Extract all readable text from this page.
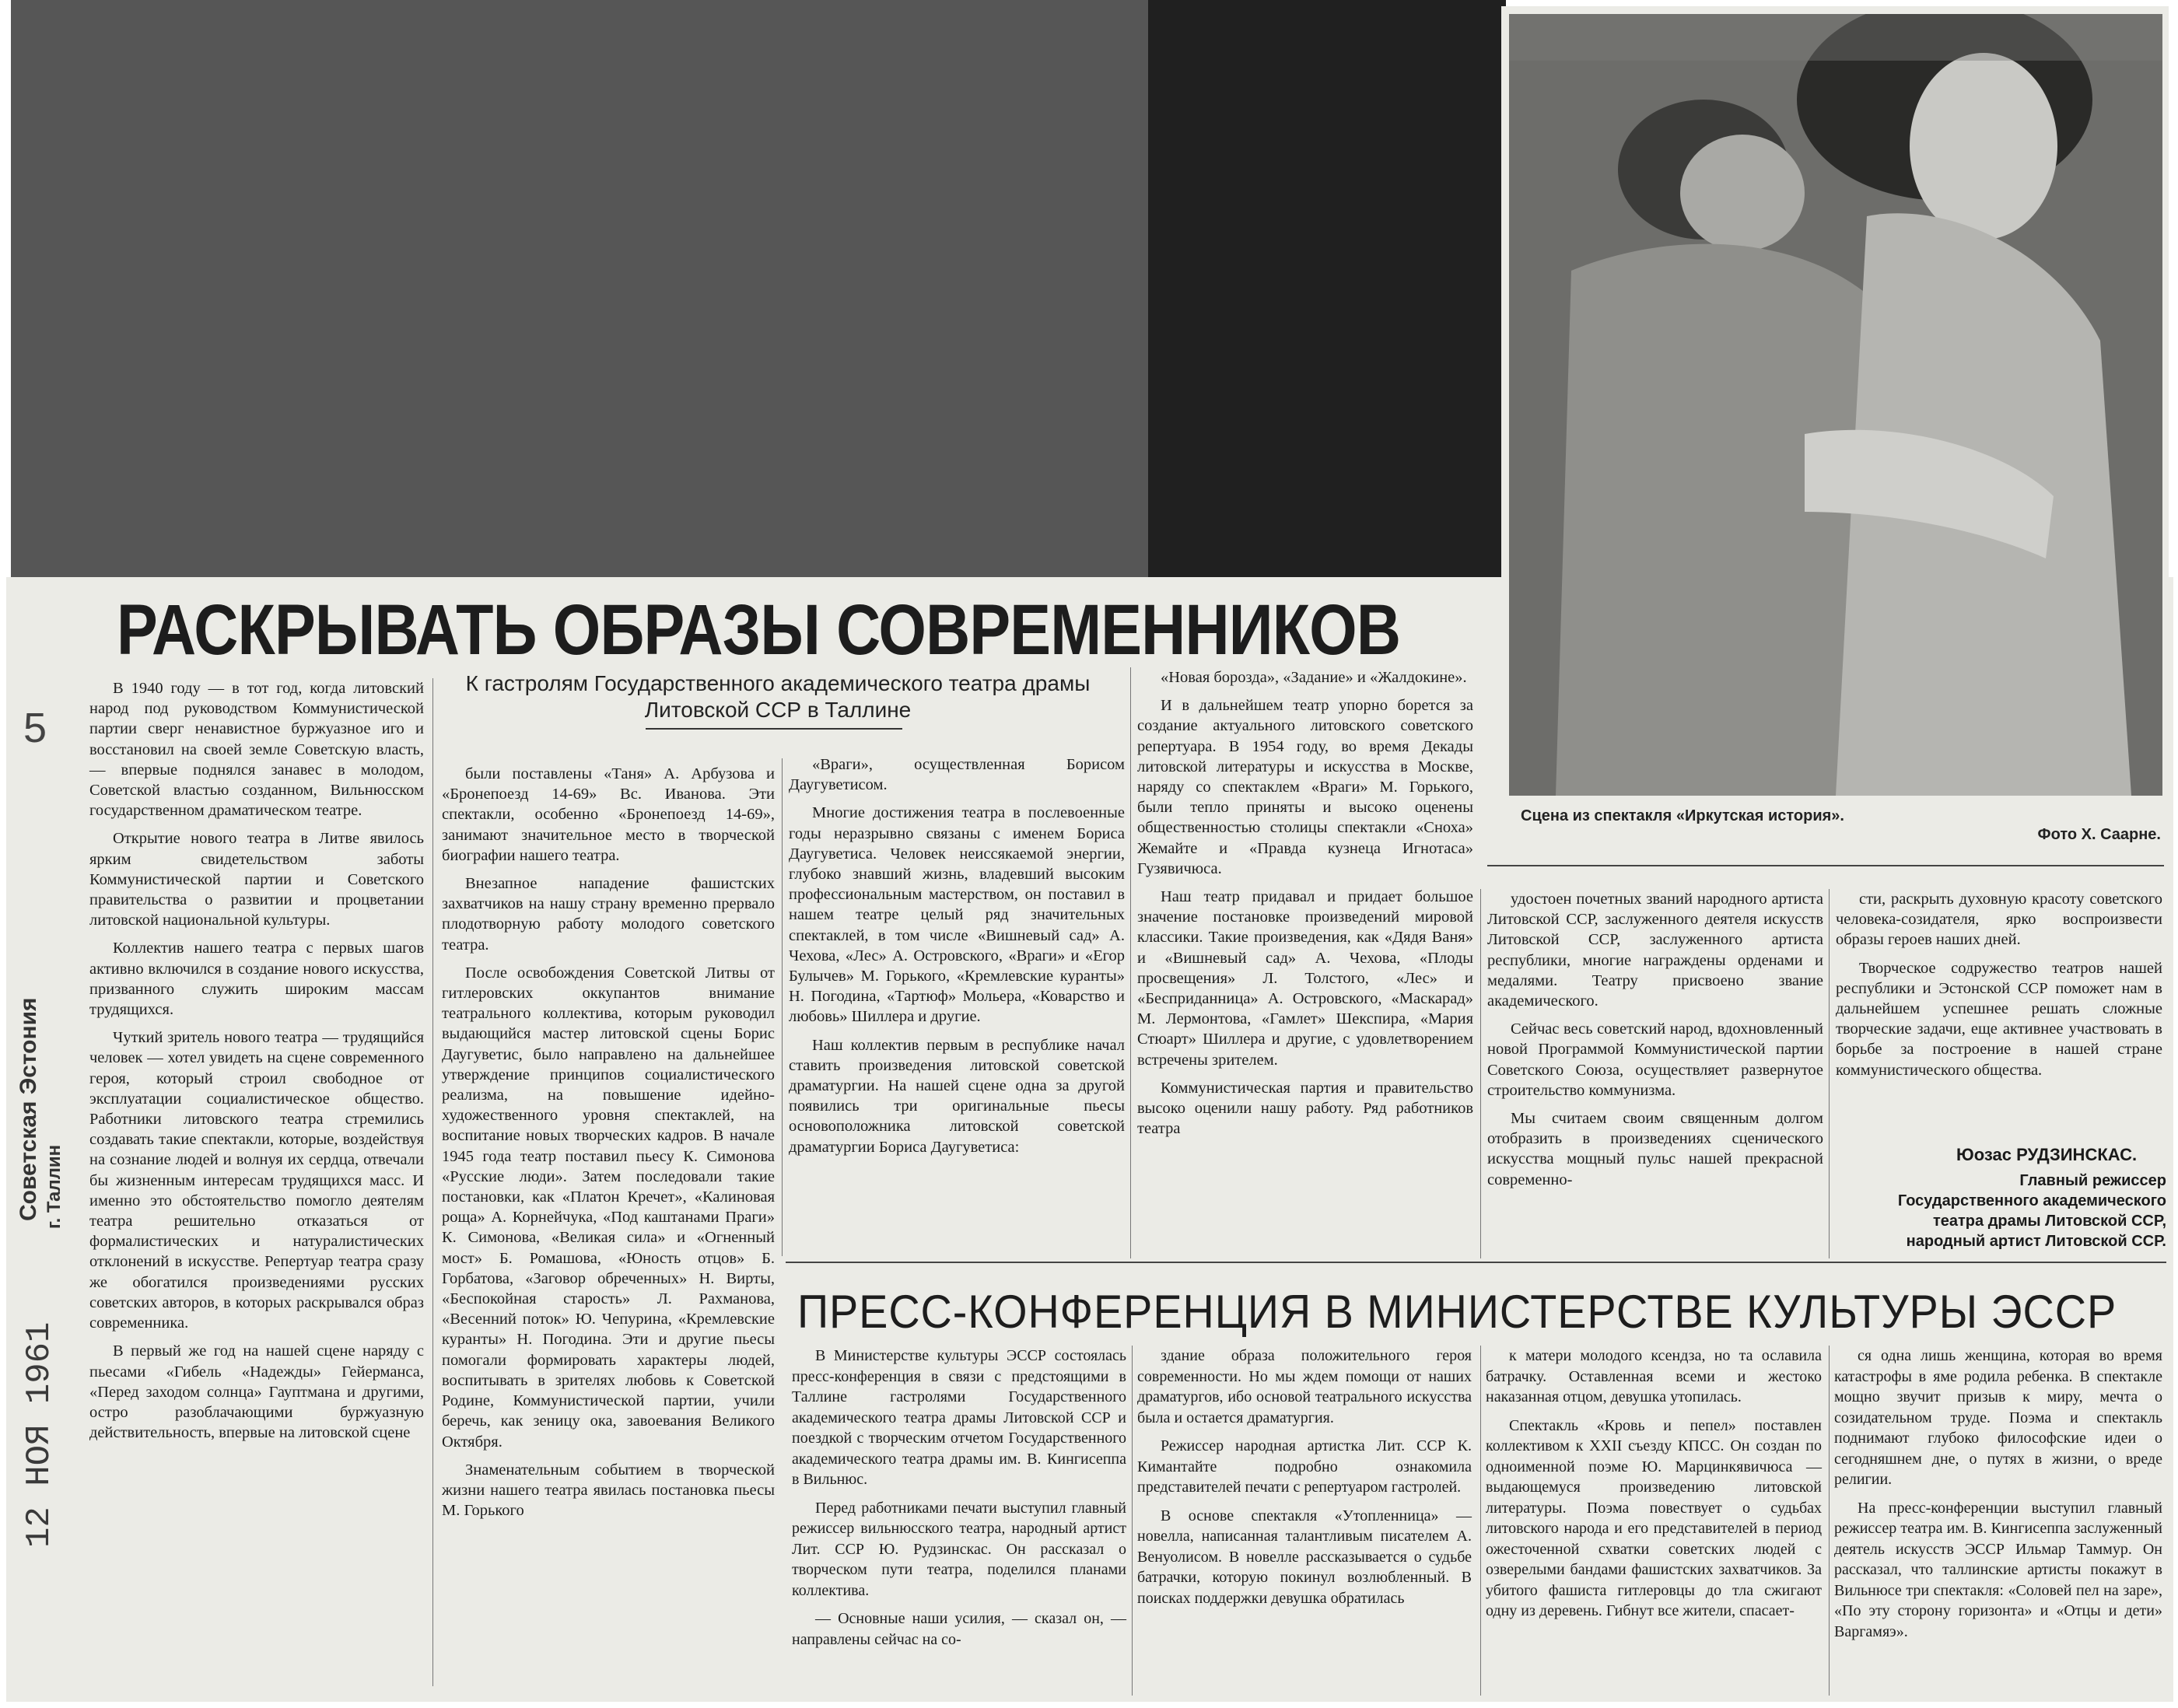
Сцена из спектакля «Иркутская история».
Фото Х. Саарне.
5
Советская Эстония г. Таллин
12 НОЯ 1961
РАСКРЫВАТЬ ОБРАЗЫ СОВРЕМЕННИКОВ
К гастролям Государственного академического театра драмы Литовской ССР в Таллине

В 1940 году — в тот год, когда литовский народ под руководством Коммунистической партии сверг ненавистное буржуазное иго и восстановил на своей земле Советскую власть, — впервые поднялся занавес в молодом, Советской властью созданном, Вильнюсском государственном драматическом театре.

Открытие нового театра в Литве явилось ярким свидетельством заботы Коммунистической партии и Советского правительства о развитии и процветании литовской национальной культуры.

Коллектив нашего театра с первых шагов активно включился в создание нового искусства, призванного служить широким массам трудящихся.

Чуткий зритель нового театра — трудящийся человек — хотел увидеть на сцене современного героя, который строил свободное от эксплуатации социалистическое общество. Работники литовского театра стремились создавать такие спектакли, которые, воздействуя на сознание людей и волнуя их сердца, отвечали бы жизненным интересам трудящихся масс. И именно это обстоятельство помогло деятелям театра решительно отказаться от формалистических и натуралистических отклонений в искусстве. Репертуар театра сразу же обогатился произведениями русских советских авторов, в которых раскрывался образ современника.

В первый же год на нашей сцене наряду с пьесами «Гибель «Надежды» Гейерманса, «Перед заходом солнца» Гауптмана и другими, остро разоблачающими буржуазную действительность, впервые на литовской сцене

были поставлены «Таня» А. Арбузова и «Бронепоезд 14-69» Вс. Иванова. Эти спектакли, особенно «Бронепоезд 14-69», занимают значительное место в творческой биографии нашего театра.

Внезапное нападение фашистских захватчиков на нашу страну временно прервало плодотворную работу молодого советского театра.

После освобождения Советской Литвы от гитлеровских оккупантов внимание театрального коллектива, которым руководил выдающийся мастер литовской сцены Борис Даугуветис, было направлено на дальнейшее утверждение принципов социалистического реализма, на повышение идейно-художественного уровня спектаклей, на воспитание новых творческих кадров. В начале 1945 года театр поставил пьесу К. Симонова «Русские люди». Затем последовали такие постановки, как «Платон Кречет», «Калиновая роща» А. Корнейчука, «Под каштанами Праги» К. Симонова, «Великая сила» и «Огненный мост» Б. Ромашова, «Юность отцов» Б. Горбатова, «Заговор обреченных» Н. Вирты, «Беспокойная старость» Л. Рахманова, «Весенний поток» Ю. Чепурина, «Кремлевские куранты» Н. Погодина. Эти и другие пьесы помогали формировать характеры людей, воспитывать в зрителях любовь к Советской Родине, Коммунистической партии, учили беречь, как зеницу ока, завоевания Великого Октября.

Знаменательным событием в творческой жизни нашего театра явилась постановка пьесы М. Горького

«Враги», осуществленная Борисом Даугуветисом.

Многие достижения театра в послевоенные годы неразрывно связаны с именем Бориса Даугуветиса. Человек неиссякаемой энергии, глубоко знавший жизнь, владевший высоким профессиональным мастерством, он поставил в нашем театре целый ряд значительных спектаклей, в том числе «Вишневый сад» А. Чехова, «Лес» А. Островского, «Враги» и «Егор Булычев» М. Горького, «Кремлевские куранты» Н. Погодина, «Тартюф» Мольера, «Коварство и любовь» Шиллера и другие.

Наш коллектив первым в республике начал ставить произведения литовской советской драматургии. На нашей сцене одна за другой появились три оригинальные пьесы основоположника литовской советской драматургии Бориса Даугуветиса:

«Новая борозда», «Задание» и «Жалдокине».

И в дальнейшем театр упорно борется за создание актуального литовского советского репертуара. В 1954 году, во время Декады литовской литературы и искусства в Москве, наряду со спектаклем «Враги» М. Горького, были тепло приняты и высоко оценены общественностью столицы спектакли «Сноха» Жемайте и «Правда кузнеца Игнотаса» Гузявичюса.

Наш театр придавал и придает большое значение постановке произведений мировой классики. Такие произведения, как «Дядя Ваня» и «Вишневый сад» А. Чехова, «Плоды просвещения» Л. Толстого, «Лес» и «Бесприданница» А. Островского, «Маскарад» М. Лермонтова, «Гамлет» Шекспира, «Мария Стюарт» Шиллера и другие, с удовлетворением встречены зрителем.

Коммунистическая партия и правительство высоко оценили нашу работу. Ряд работников театра

удостоен почетных званий народного артиста Литовской ССР, заслуженного деятеля искусств Литовской ССР, заслуженного артиста республики, многие награждены орденами и медалями. Театру присвоено звание академического.

Сейчас весь советский народ, вдохновленный новой Программой Коммунистической партии Советского Союза, осуществляет развернутое строительство коммунизма.

Мы считаем своим священным долгом отобразить в произведениях сценического искусства мощный пульс нашей прекрасной современно-

сти, раскрыть духовную красоту советского человека-созидателя, ярко воспроизвести образы героев наших дней.

Творческое содружество театров нашей республики и Эстонской ССР поможет нам в дальнейшем успешнее решать сложные творческие задачи, еще активнее участвовать в борьбе за построение в нашей стране коммунистического общества.

Юозас РУДЗИНСКАС.
Главный режиссер Государственного академического театра драмы Литовской ССР, народный артист Литовской ССР.
ПРЕСС-КОНФЕРЕНЦИЯ В МИНИСТЕРСТВЕ КУЛЬТУРЫ ЭССР

В Министерстве культуры ЭССР состоялась пресс-конференция в связи с предстоящими в Таллине гастролями Государственного академического театра драмы Литовской ССР и поездкой с творческим отчетом Государственного академического театра драмы им. В. Кингисеппа в Вильнюс.

Перед работниками печати выступил главный режиссер вильнюсского театра, народный артист Лит. ССР Ю. Рудзинскас. Он рассказал о творческом пути театра, поделился планами коллектива.

— Основные наши усилия, — сказал он, — направлены сейчас на со-

здание образа положительного героя современности. Но мы ждем помощи от наших драматургов, ибо основой театрального искусства была и остается драматургия.

Режиссер народная артистка Лит. ССР К. Кимантайте подробно ознакомила представителей печати с репертуаром гастролей.

В основе спектакля «Утопленница» — новелла, написанная талантливым писателем А. Венуолисом. В новелле рассказывается о судьбе батрачки, которую покинул возлюбленный. В поисках поддержки девушка обратилась

к матери молодого ксендза, но та ославила батрачку. Оставленная всеми и жестоко наказанная отцом, девушка утопилась.

Спектакль «Кровь и пепел» поставлен коллективом к XXII съезду КПСС. Он создан по одноименной поэме Ю. Марцинкявичюса — выдающемуся произведению литовской литературы. Поэма повествует о судьбах литовского народа и его представителей в период ожесточенной схватки советских людей с озверелыми бандами фашистских захватчиков. За убитого фашиста гитлеровцы до тла сжигают одну из деревень. Гибнут все жители, спасает-

ся одна лишь женщина, которая во время катастрофы в яме родила ребенка. В спектакле мощно звучит призыв к миру, мечта о созидательном труде. Поэма и спектакль поднимают глубоко философские идеи о сегодняшнем дне, о путях в жизни, о вреде религии.

На пресс-конференции выступил главный режиссер театра им. В. Кингисеппа заслуженный деятель искусств ЭССР Ильмар Таммур. Он рассказал, что таллинские артисты покажут в Вильнюсе три спектакля: «Соловей пел на заре», «По эту сторону горизонта» и «Отцы и дети» Варгамяэ».
